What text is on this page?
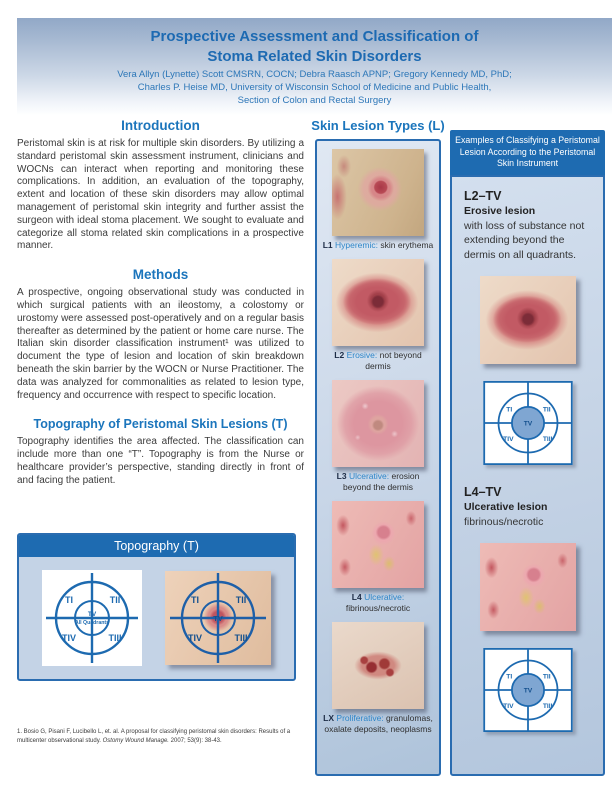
Prospective Assessment and Classification of
Stoma Related Skin Disorders

Vera Allyn (Lynette) Scott CMSRN, COCN; Debra Raasch APNP; Gregory Kennedy MD, PhD;
Charles P. Heise MD, University of Wisconsin School of Medicine and Public Health,
Section of Colon and Rectal Surgery

Introduction

Peristomal skin is at risk for multiple skin disorders. By utilizing a standard peristomal skin assessment instrument, clinicians and WOCNs can interact when reporting and monitoring these complications. In addition, an evaluation of the topography, extent and location of these skin disorders may allow optimal management of peristomal skin integrity and further assist the surgeon with ideal stoma placement. We sought to evaluate and categorize all stoma related skin complications in a prospective manner.

Methods

A prospective, ongoing observational study was conducted in which surgical patients with an ileostomy, a colostomy or urostomy were assessed post-operatively and on a regular basis thereafter as determined by the patient or home care nurse. The Italian skin disorder classification instrument¹ was utilized to document the type of lesion and location of skin breakdown beneath the skin barrier by the WOCN or Nurse Practitioner. The data was analyzed for commonalities as related to lesion type, frequency and occurrence with respect to specific location.

Topography of Peristomal Skin Lesions (T)

Topography identifies the area affected. The classification can include more than one “T”. Topography is from the Nurse or healthcare provider’s perspective, standing directly in front of and facing the patient.

Topography (T)
TI	TII
TIV	TIII
TV
All Quadrants
TI	TII
TIV	TIII
TV

1. Bosio G, Pisani F, Lucibello L, et. al. A proposal for classifying peristomal skin disorders: Results of a multicenter observational study. Ostomy Wound Manage. 2007; 53(9): 38-43.

Skin Lesion Types (L)

L1 Hyperemic: skin erythema

L2 Erosive: not beyond dermis

L3 Ulcerative: erosion beyond the dermis

L4 Ulcerative: fibrinous/necrotic

LX Proliferative: granulomas, oxalate deposits, neoplasms

Examples of Classifying a Peristomal Lesion According to the Peristomal Skin Instrument

L2–TV

Erosive lesion

with loss of substance not extending beyond the dermis on all quadrants.

TI	TII
TIV	TIII
TV

L4–TV

Ulcerative lesion

fibrinous/necrotic

TI	TII
TIV	TIII
TV
